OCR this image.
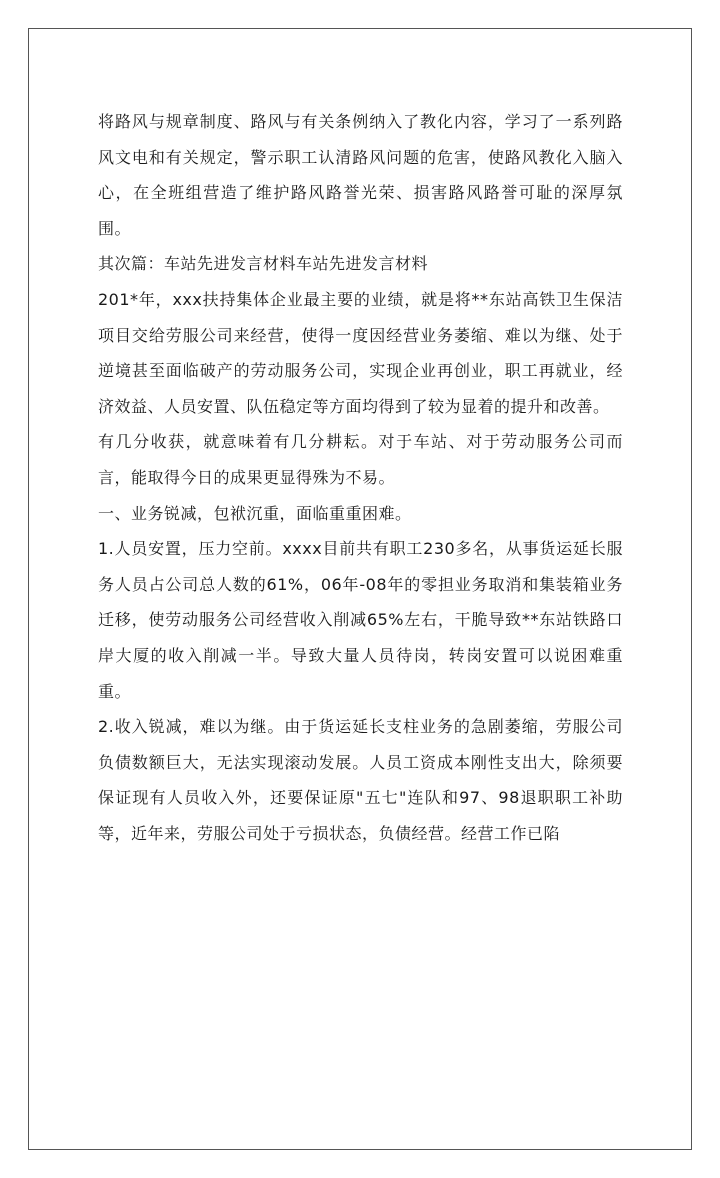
将路风与规章制度、路风与有关条例纳入了教化内容，学习了一系列路风文电和有关规定，警示职工认清路风问题的危害，使路风教化入脑入心，在全班组营造了维护路风路誉光荣、损害路风路誉可耻的深厚氛围。

其次篇：车站先进发言材料车站先进发言材料

201*年，xxx扶持集体企业最主要的业绩，就是将**东站高铁卫生保洁项目交给劳服公司来经营，使得一度因经营业务萎缩、难以为继、处于逆境甚至面临破产的劳动服务公司，实现企业再创业，职工再就业，经济效益、人员安置、队伍稳定等方面均得到了较为显着的提升和改善。

有几分收获，就意味着有几分耕耘。对于车站、对于劳动服务公司而言，能取得今日的成果更显得殊为不易。

一、业务锐减，包袱沉重，面临重重困难。

1.人员安置，压力空前。xxxx目前共有职工230多名，从事货运延长服务人员占公司总人数的61%，06年-08年的零担业务取消和集装箱业务迁移，使劳动服务公司经营收入削减65%左右，干脆导致**东站铁路口岸大厦的收入削减一半。导致大量人员待岗，转岗安置可以说困难重重。

2.收入锐减，难以为继。由于货运延长支柱业务的急剧萎缩，劳服公司负债数额巨大，无法实现滚动发展。人员工资成本刚性支出大，除须要保证现有人员收入外，还要保证原"五七"连队和97、98退职职工补助等，近年来，劳服公司处于亏损状态，负债经营。经营工作已陷
